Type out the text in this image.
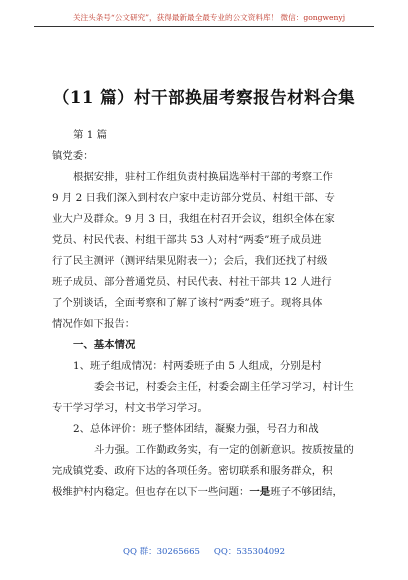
关注头条号“公文研究”，获得最新最全最专业的公文资料库！ 微信：gongwenyj
（11 篇）村干部换届考察报告材料合集
第 1 篇
镇党委：
根据安排，驻村工作组负责村换届选举村干部的考察工作
9 月 2 日我们深入到村农户家中走访部分党员、村组干部、专
业大户及群众。9 月 3 日，我组在村召开会议，组织全体在家
党员、村民代表、村组干部共 53 人对村“两委”班子成员进
行了民主测评（测评结果见附表一）；会后，我们还找了村级
班子成员、部分普通党员、村民代表、村社干部共 12 人进行
了个别谈话，全面考察和了解了该村“两委”班子。现将具体
情况作如下报告：
一、基本情况
1、班子组成情况：村两委班子由 5 人组成，分别是村
委会书记，村委会主任，村委会副主任学习学习，村计生
专干学习学习，村文书学习学习。
2、总体评价：班子整体团结，凝聚力强，号召力和战
斗力强。工作勤政务实，有一定的创新意识。按质按量的
完成镇党委、政府下达的各项任务。密切联系和服务群众，积
极维护村内稳定。但也存在以下一些问题：一是班子不够团结，
QQ 群：30265665 QQ：535304092
